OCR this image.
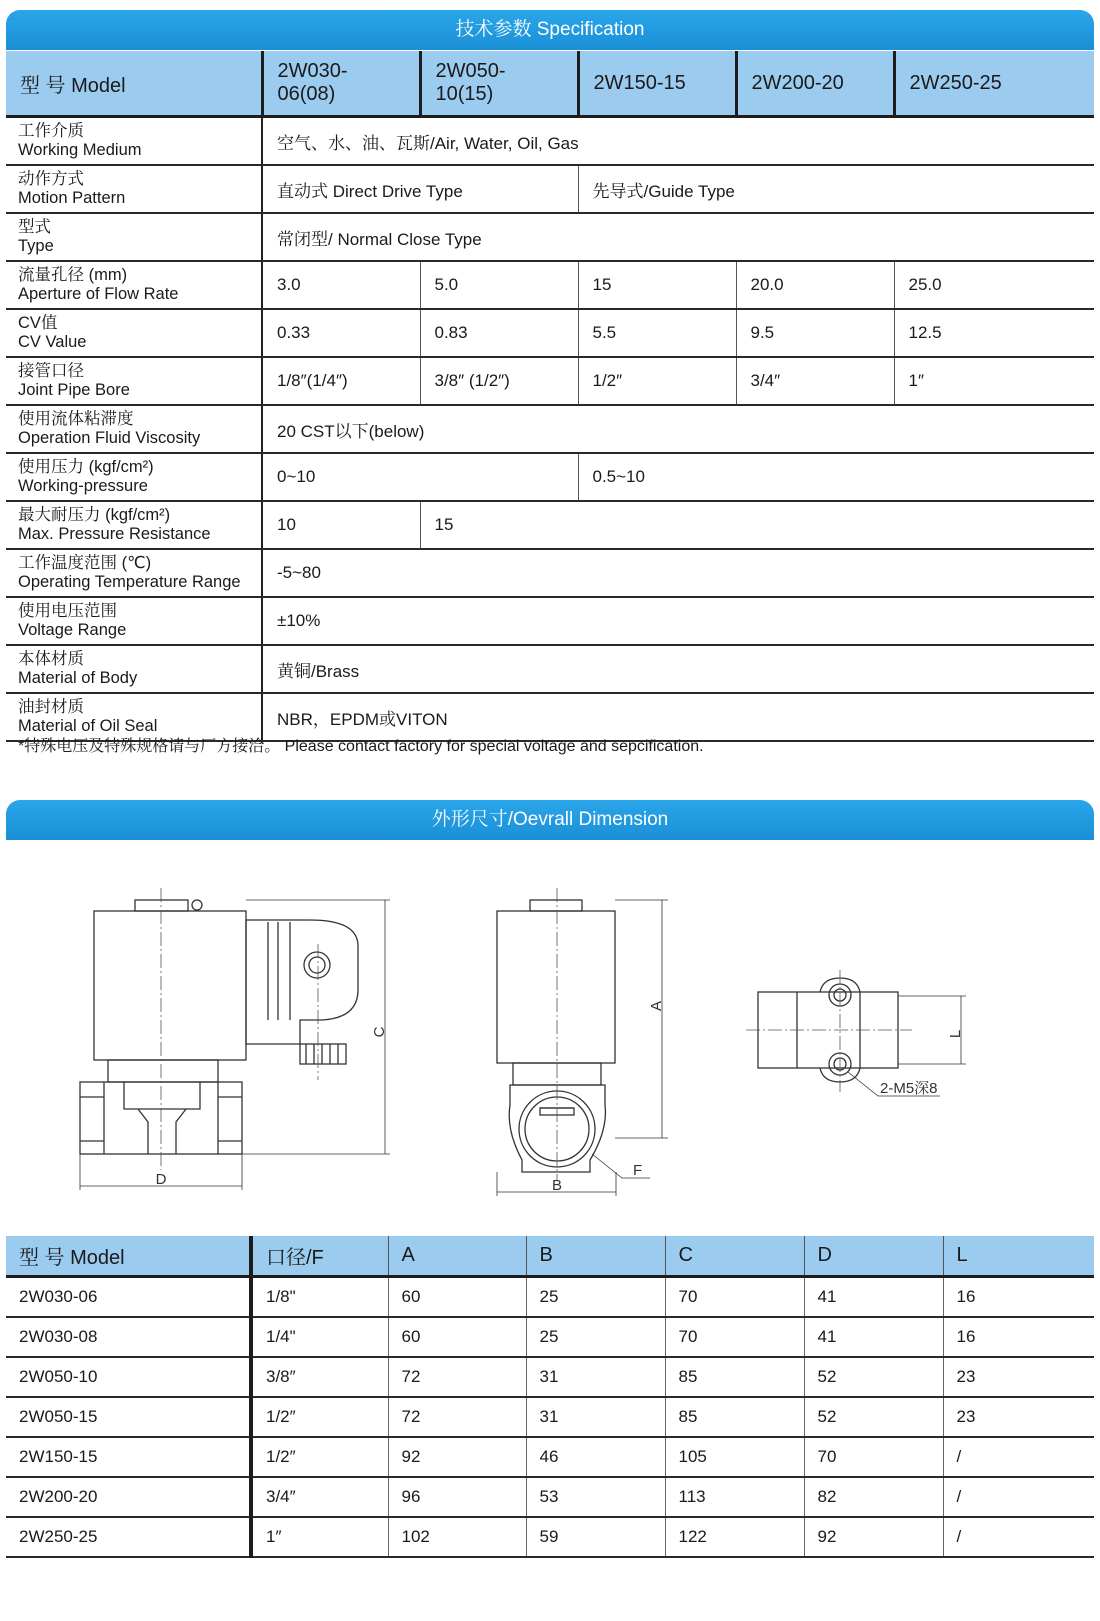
技术参数 Specification
型 号 Model	2W030-06(08)	2W050-10(15)	2W150-15	2W200-20	2W250-25

工作介质
Working Medium	空气、水、油、瓦斯/Air, Water, Oil, Gas				

动作方式
Motion Pattern	直动式 Direct Drive Type		先导式/Guide Type		

型式
Type	常闭型/ Normal Close Type				

流量孔径 (mm)
Aperture of Flow Rate	3.0	5.0	15	20.0	25.0

CV值
CV Value	0.33	0.83	5.5	9.5	12.5

接管口径
Joint Pipe Bore	1/8″(1/4″)	3/8″ (1/2″)	1/2″	3/4″	1″

使用流体粘滞度
Operation Fluid Viscosity	20 CST以下(below)				

使用压力 (kgf/cm²)
Working-pressure	0~10		0.5~10		

最大耐压力 (kgf/cm²)
Max. Pressure Resistance	10	15			

工作温度范围 (℃)
Operating Temperature Range	-5~80				

使用电压范围
Voltage Range	±10%				

本体材质
Material of Body	黄铜/Brass				

油封材质
Material of Oil Seal	NBR，EPDM或VITON				
*特殊电压及特殊规格请与厂方接洽。 Please contact factory for special voltage and sepcification.
外形尺寸/Oevrall Dimension
C
D
A
B
F
L
2-M5深8
型 号 Model	口径/F	A	B	C	D	L
2W030-06	1/8"	60	25	70	41	16
2W030-08	1/4"	60	25	70	41	16
2W050-10	3/8″	72	31	85	52	23
2W050-15	1/2″	72	31	85	52	23
2W150-15	1/2″	92	46	105	70	/
2W200-20	3/4″	96	53	113	82	/
2W250-25	1″	102	59	122	92	/
